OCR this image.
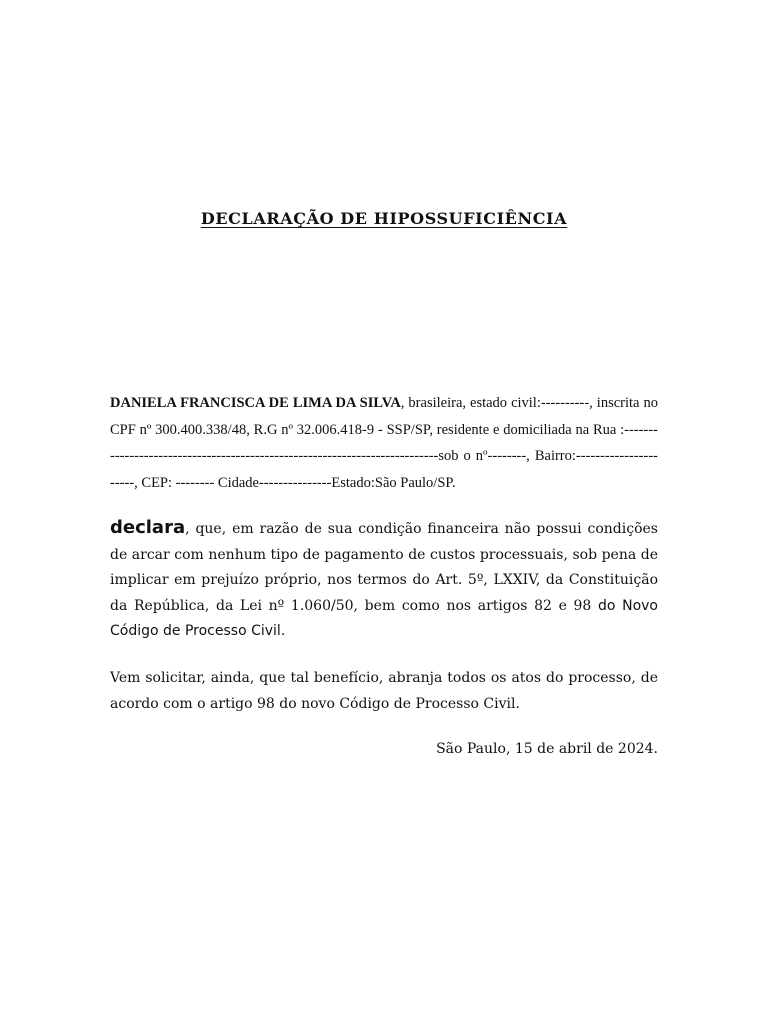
DECLARAÇÃO DE HIPOSSUFICIÊNCIA
DANIELA FRANCISCA DE LIMA DA SILVA, brasileira, estado civil:----------, inscrita no CPF nº 300.400.338/48, R.G nº 32.006.418-9 - SSP/SP, residente e domiciliada na Rua :---------------------------------------------------------------------------sob o nº--------, Bairro:----------------------, CEP: -------- Cidade---------------Estado:São Paulo/SP.
declara, que, em razão de sua condição financeira não possui condições de arcar com nenhum tipo de pagamento de custos processuais, sob pena de implicar em prejuízo próprio, nos termos do Art. 5º, LXXIV, da Constituição da República, da Lei nº 1.060/50, bem como nos artigos 82 e 98 do Novo Código de Processo Civil.
Vem solicitar, ainda, que tal benefício, abranja todos os atos do processo, de acordo com o artigo 98 do novo Código de Processo Civil.
São Paulo, 15 de abril de 2024.
